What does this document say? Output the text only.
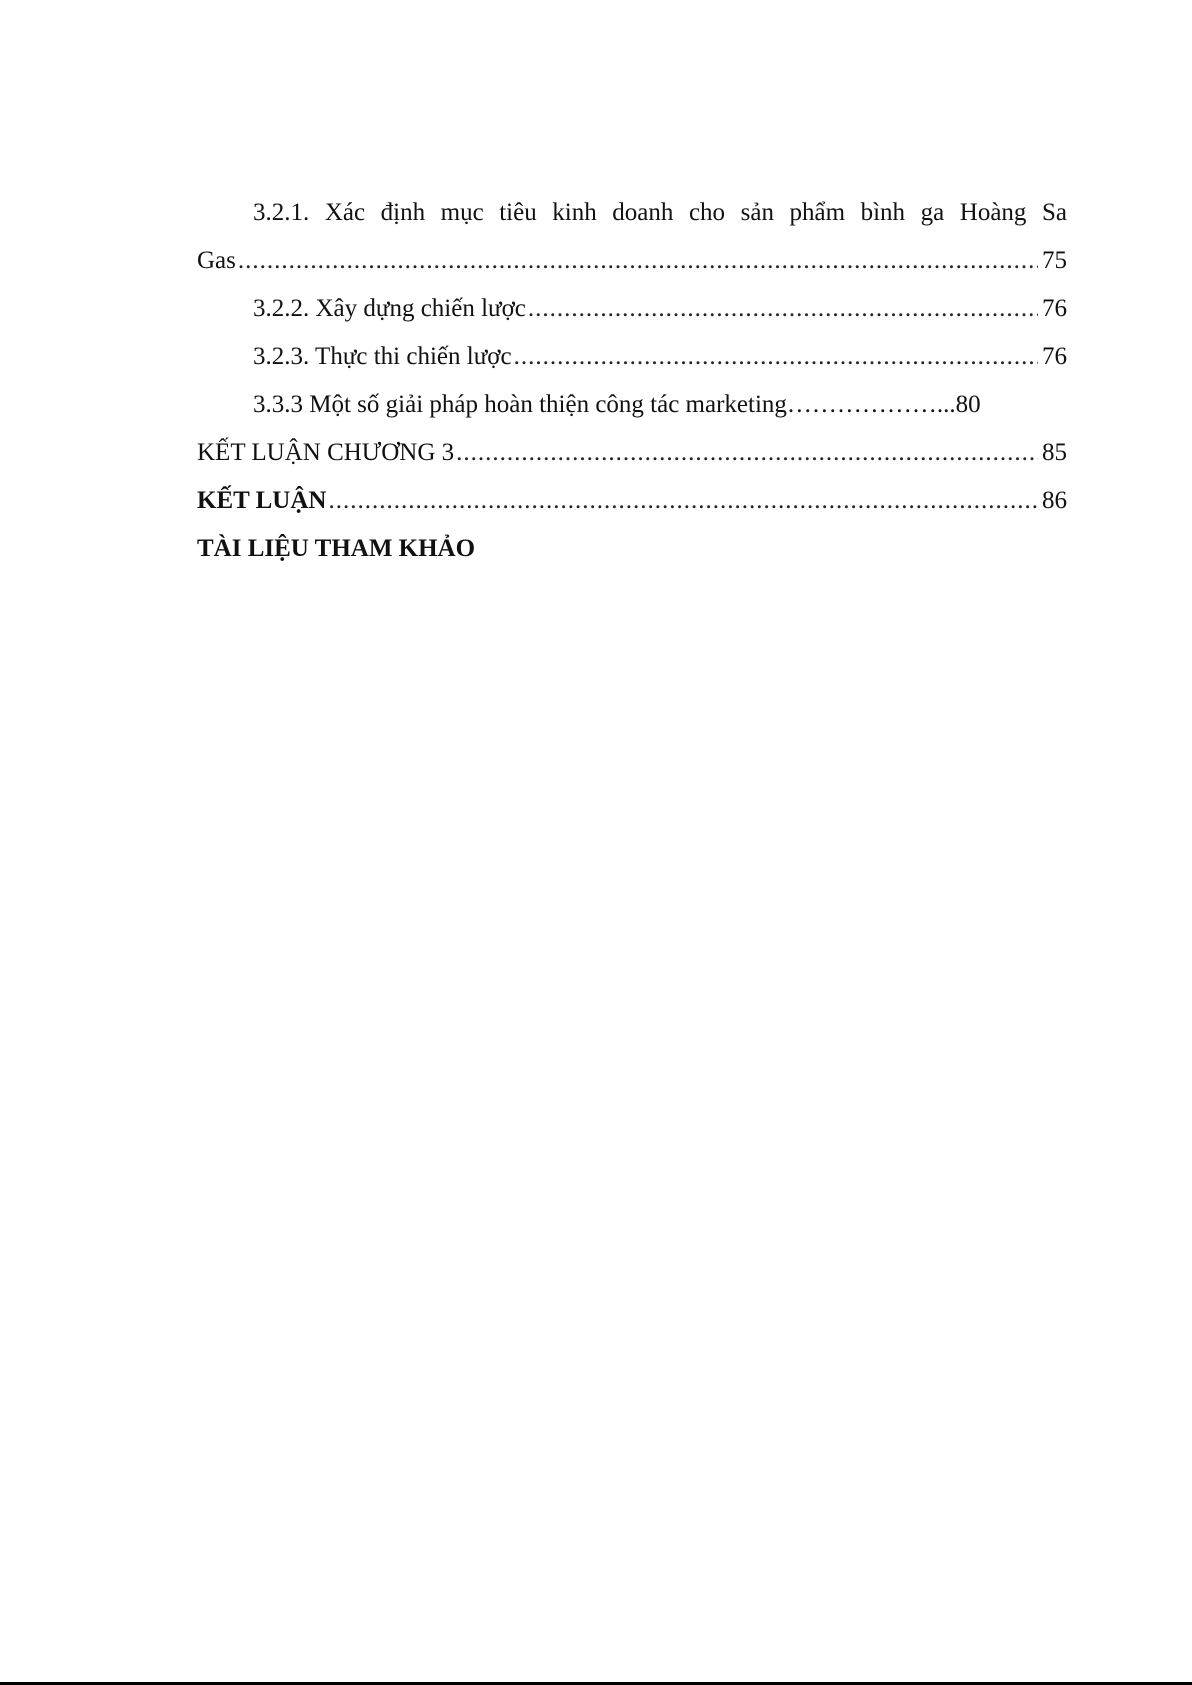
3.2.1. Xác định mục tiêu kinh doanh cho sản phẩm bình ga Hoàng Sa
Gas .....	75
3.2.2. Xây dựng chiến lược .....	76
3.2.3. Thực thi chiến lược .....	76
3.3.3 Một số giải pháp hoàn thiện công tác marketing………………...80
KẾT LUẬN CHƯƠNG 3 .....	85
KẾT LUẬN .....	86
TÀI LIỆU THAM KHẢO
